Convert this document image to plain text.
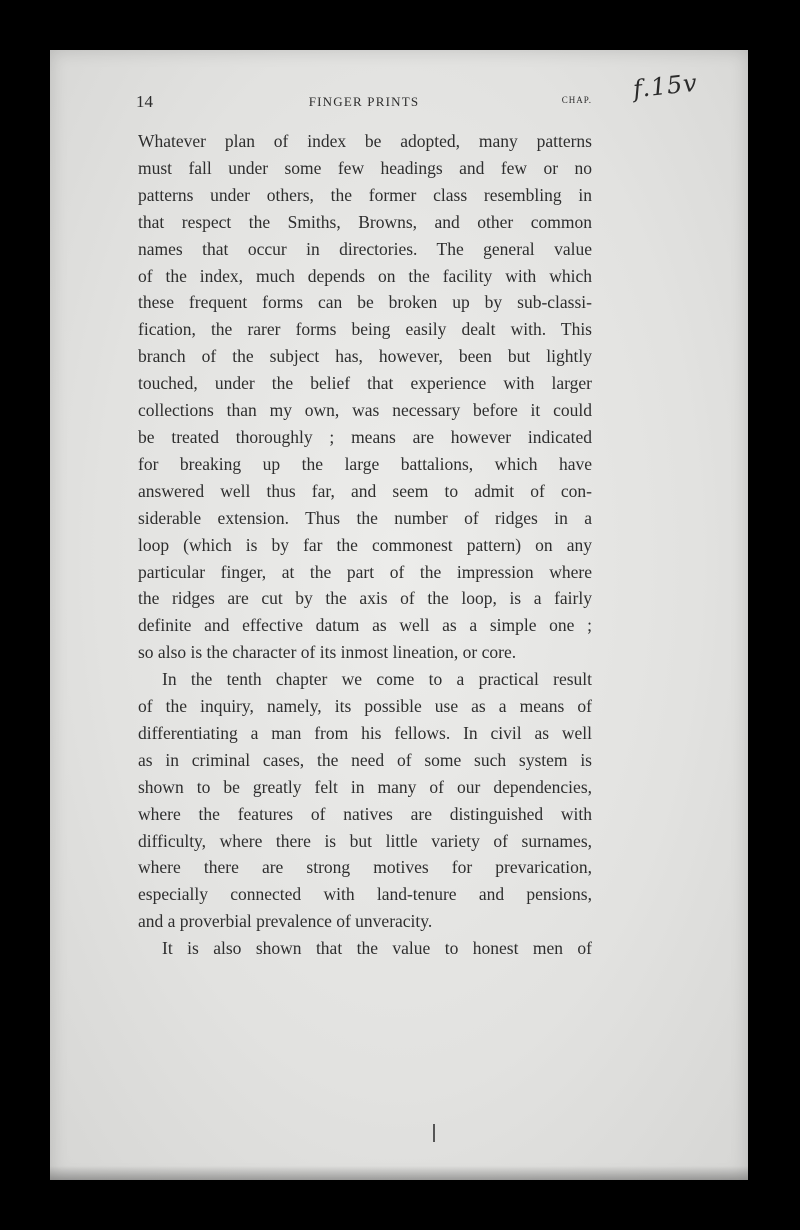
f.15v
14	FINGER PRINTS	CHAP.
Whatever plan of index be adopted, many patterns
must fall under some few headings and few or no
patterns under others, the former class resembling in
that respect the Smiths, Browns, and other common
names that occur in directories. The general value
of the index, much depends on the facility with which
these frequent forms can be broken up by sub-classi-
fication, the rarer forms being easily dealt with. This
branch of the subject has, however, been but lightly
touched, under the belief that experience with larger
collections than my own, was necessary before it could
be treated thoroughly ; means are however indicated
for breaking up the large battalions, which have
answered well thus far, and seem to admit of con-
siderable extension. Thus the number of ridges in a
loop (which is by far the commonest pattern) on any
particular finger, at the part of the impression where
the ridges are cut by the axis of the loop, is a fairly
definite and effective datum as well as a simple one ;
so also is the character of its inmost lineation, or core.
In the tenth chapter we come to a practical result
of the inquiry, namely, its possible use as a means of
differentiating a man from his fellows. In civil as well
as in criminal cases, the need of some such system is
shown to be greatly felt in many of our dependencies,
where the features of natives are distinguished with
difficulty, where there is but little variety of surnames,
where there are strong motives for prevarication,
especially connected with land-tenure and pensions,
and a proverbial prevalence of unveracity.
It is also shown that the value to honest men of
